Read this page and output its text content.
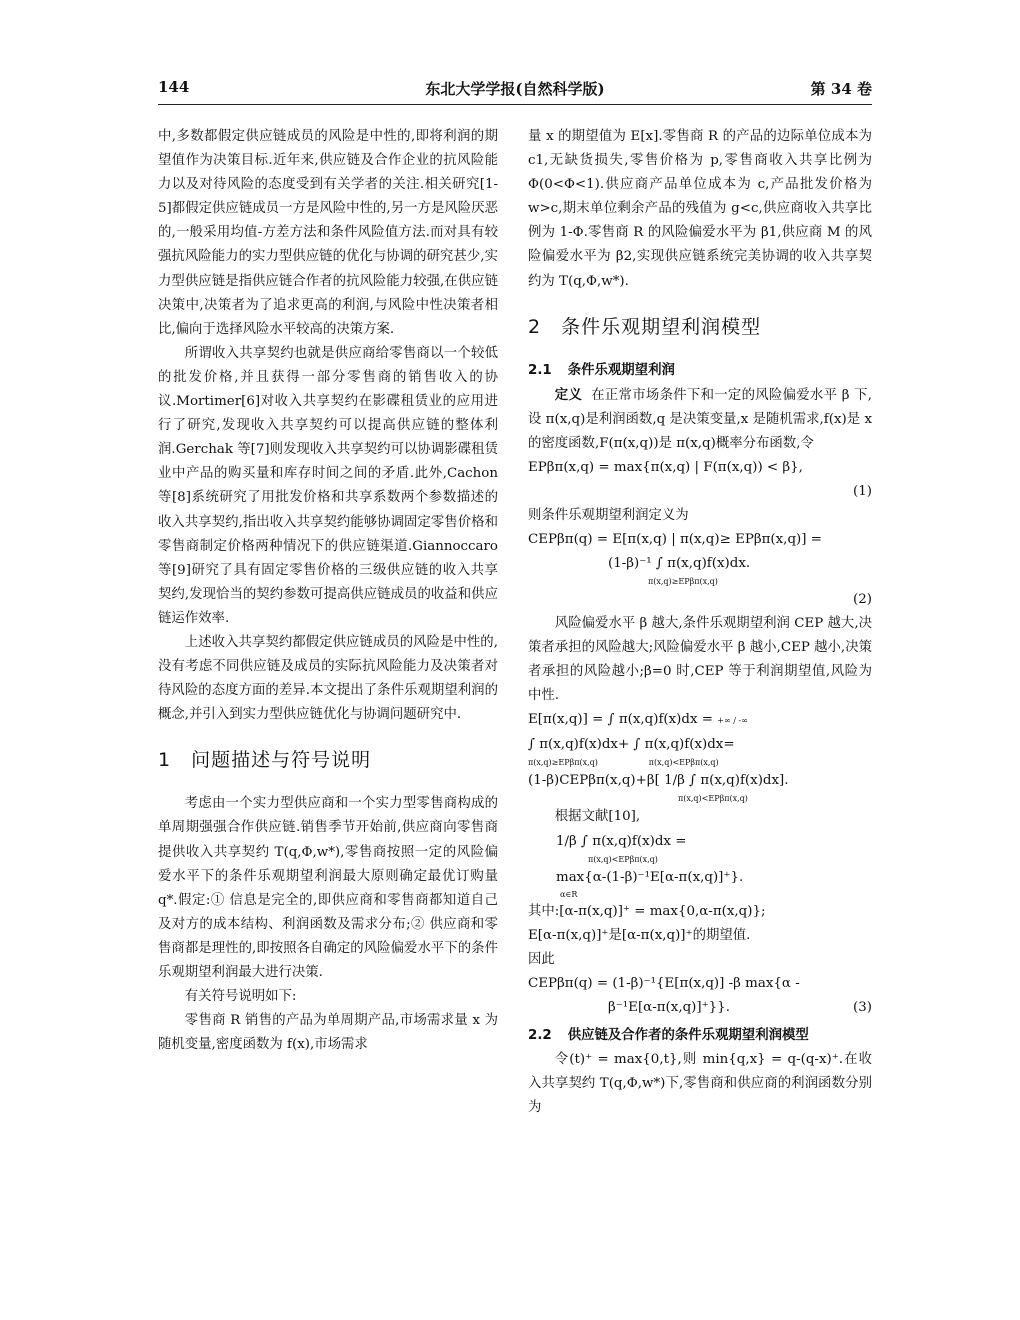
144	东北大学学报(自然科学版)	第 34 卷

中,多数都假定供应链成员的风险是中性的,即将利润的期望值作为决策目标.近年来,供应链及合作企业的抗风险能力以及对待风险的态度受到有关学者的关注.相关研究[1-5]都假定供应链成员一方是风险中性的,另一方是风险厌恶的,一般采用均值-方差方法和条件风险值方法.而对具有较强抗风险能力的实力型供应链的优化与协调的研究甚少,实力型供应链是指供应链合作者的抗风险能力较强,在供应链决策中,决策者为了追求更高的利润,与风险中性决策者相比,偏向于选择风险水平较高的决策方案.

所谓收入共享契约也就是供应商给零售商以一个较低的批发价格,并且获得一部分零售商的销售收入的协议.Mortimer[6]对收入共享契约在影碟租赁业的应用进行了研究,发现收入共享契约可以提高供应链的整体利润.Gerchak 等[7]则发现收入共享契约可以协调影碟租赁业中产品的购买量和库存时间之间的矛盾.此外,Cachon 等[8]系统研究了用批发价格和共享系数两个参数描述的收入共享契约,指出收入共享契约能够协调固定零售价格和零售商制定价格两种情况下的供应链渠道.Giannoccaro 等[9]研究了具有固定零售价格的三级供应链的收入共享契约,发现恰当的契约参数可提高供应链成员的收益和供应链运作效率.

上述收入共享契约都假定供应链成员的风险是中性的,没有考虑不同供应链及成员的实际抗风险能力及决策者对待风险的态度方面的差异.本文提出了条件乐观期望利润的概念,并引入到实力型供应链优化与协调问题研究中.

1 问题描述与符号说明

考虑由一个实力型供应商和一个实力型零售商构成的单周期强强合作供应链.销售季节开始前,供应商向零售商提供收入共享契约 T(q,Φ,w*),零售商按照一定的风险偏爱水平下的条件乐观期望利润最大原则确定最优订购量 q*.假定:① 信息是完全的,即供应商和零售商都知道自己及对方的成本结构、利润函数及需求分布;② 供应商和零售商都是理性的,即按照各自确定的风险偏爱水平下的条件乐观期望利润最大进行决策.

有关符号说明如下:

零售商 R 销售的产品为单周期产品,市场需求量 x 为随机变量,密度函数为 f(x),市场需求

量 x 的期望值为 E[x].零售商 R 的产品的边际单位成本为 c1,无缺货损失,零售价格为 p,零售商收入共享比例为 Φ(0<Φ<1).供应商产品单位成本为 c,产品批发价格为 w>c,期末单位剩余产品的残值为 g<c,供应商收入共享比例为 1-Φ.零售商 R 的风险偏爱水平为 β1,供应商 M 的风险偏爱水平为 β2,实现供应链系统完美协调的收入共享契约为 T(q,Φ,w*).

2 条件乐观期望利润模型
2.1 条件乐观期望利润

定义 在正常市场条件下和一定的风险偏爱水平 β 下,设 π(x,q)是利润函数,q 是决策变量,x 是随机需求,f(x)是 x 的密度函数,F(π(x,q))是 π(x,q)概率分布函数,令

EPβπ(x,q) = max{π(x,q) | F(π(x,q)) < β},
(1)

则条件乐观期望利润定义为

CEPβπ(q) = E[π(x,q) | π(x,q)≥ EPβπ(x,q)] =
(1-β)⁻¹ ∫ π(x,q)f(x)dx.
π(x,q)≥EPβπ(x,q)
(2)

风险偏爱水平 β 越大,条件乐观期望利润 CEP 越大,决策者承担的风险越大;风险偏爱水平 β 越小,CEP 越小,决策者承担的风险越小;β=0 时,CEP 等于利润期望值,风险为中性.

E[π(x,q)] = ∫ π(x,q)f(x)dx = +∞ / -∞
∫ π(x,q)f(x)dx+ ∫ π(x,q)f(x)dx=
π(x,q)≥EPβπ(x,q)	π(x,q)<EPβπ(x,q)
(1-β)CEPβπ(x,q)+β[ 1/β ∫ π(x,q)f(x)dx].
π(x,q)<EPβπ(x,q)

根据文献[10],

1/β ∫ π(x,q)f(x)dx =
π(x,q)<EPβπ(x,q)
max{α-(1-β)⁻¹E[α-π(x,q)]⁺}.
α∈R

其中:[α-π(x,q)]⁺ = max{0,α-π(x,q)};

E[α-π(x,q)]⁺是[α-π(x,q)]⁺的期望值.

因此

CEPβπ(q) = (1-β)⁻¹{E[π(x,q)] -β max{α -
β⁻¹E[α-π(x,q)]⁺}}.	(3)
2.2 供应链及合作者的条件乐观期望利润模型

令(t)⁺ = max{0,t},则 min{q,x} = q-(q-x)⁺.在收入共享契约 T(q,Φ,w*)下,零售商和供应商的利润函数分别为
